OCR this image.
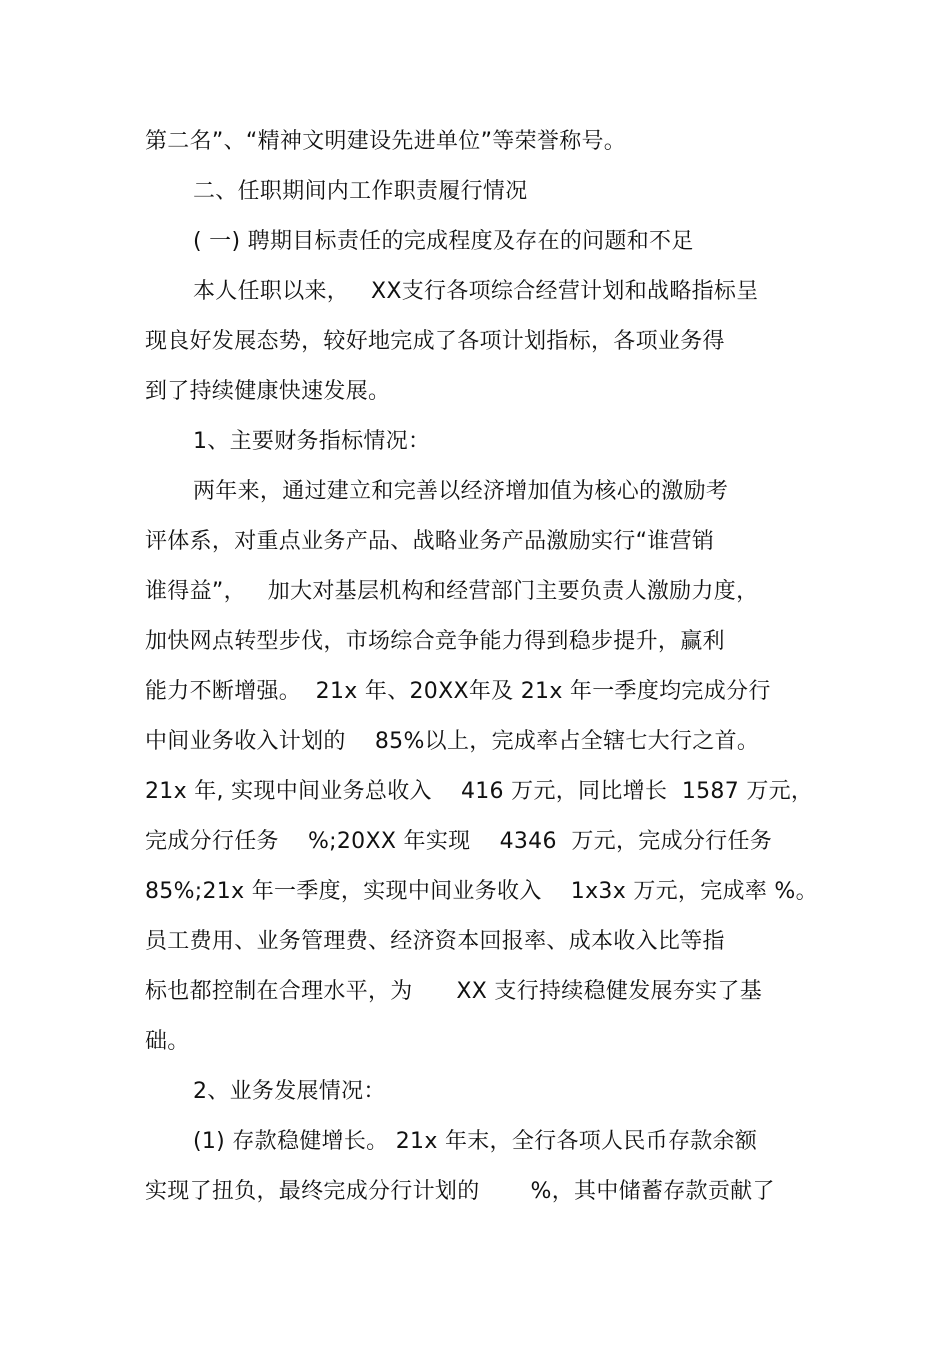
第二名”、“精神文明建设先进单位”等荣誉称号。
二、任职期间内工作职责履行情况
( 一) 聘期目标责任的完成程度及存在的问题和不足
本人任职以来，   XX支行各项综合经营计划和战略指标呈
现良好发展态势，较好地完成了各项计划指标，各项业务得
到了持续健康快速发展。
1、主要财务指标情况：
两年来，通过建立和完善以经济增加值为核心的激励考
评体系，对重点业务产品、战略业务产品激励实行“谁营销
谁得益”，   加大对基层机构和经营部门主要负责人激励力度，
加快网点转型步伐，市场综合竞争能力得到稳步提升，赢利
能力不断增强。  21x 年、20XX年及 21x 年一季度均完成分行
中间业务收入计划的    85%以上，完成率占全辖七大行之首。
21x 年, 实现中间业务总收入    416 万元，同比增长  1587 万元，
完成分行任务    %;20XX 年实现    4346  万元，完成分行任务
85%;21x 年一季度，实现中间业务收入    1x3x 万元，完成率 %。
员工费用、业务管理费、经济资本回报率、成本收入比等指
标也都控制在合理水平，为      XX 支行持续稳健发展夯实了基
础。
2、业务发展情况：
(1) 存款稳健增长。 21x 年末，全行各项人民币存款余额
实现了扭负，最终完成分行计划的       %，其中储蓄存款贡献了
